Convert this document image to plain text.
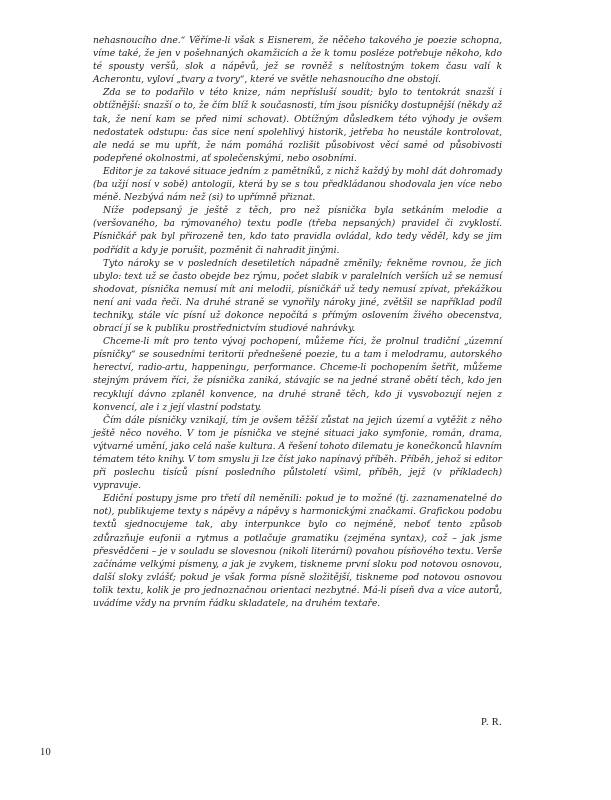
nehasnoucího dne.“ Věříme-li však s Eisnerem, že něčeho takového je poezie schopna, víme také, že jen v pošehnaných okamžicích a že k tomu posléze potřebuje někoho, kdo té spousty veršů, slok a nápěvů, jež se rovněž s nelítostným tokem času valí k Acherontu, vyloví „tvary a tvory“, které ve světle nehasnoucího dne obstojí.

Zda se to podařilo v této knize, nám nepřísluší soudit; bylo to tentokrát snazší i obtížnější: snazší o to, že čím blíž k současnosti, tím jsou písničky dostupnější (někdy až tak, že není kam se před nimi schovat). Obtížným důsledkem této výhody je ovšem nedostatek odstupu: čas sice není spolehlivý historik, jetřeba ho neustále kontrolovat, ale nedá se mu upřít, že nám pomáhá rozlišit působivost věcí samé od působivosti podepřené okolnostmi, ať společenskými, nebo osobními.

Editor je za takové situace jedním z pamětníků, z nichž každý by mohl dát dohromady (ba užjí nosí v sobě) antologii, která by se s tou předkládanou shodovala jen více nebo méně. Nezbývá nám než (si) to upřímně přiznat.

Níže podepsaný je ještě z těch, pro než písnička byla setkáním melodie a (veršovaného, ba rýmovaného) textu podle (třeba nepsaných) pravidel či zvyklostí. Písničkář pak byl přirozeně ten, kdo tato pravidla ovládal, kdo tedy věděl, kdy se jim podřídit a kdy je porušit, pozměnit či nahradit jinými.

Tyto nároky se v posledních desetiletích nápadně změnily; řekněme rovnou, že jich ubylo: text už se často obejde bez rýmu, počet slabik v paralelních verších už se nemusí shodovat, písnička nemusí mít ani melodii, písničkář už tedy nemusí zpívat, překážkou není ani vada řeči. Na druhé straně se vynořily nároky jiné, zvětšil se například podíl techniky, stále víc písní už dokonce nepočítá s přímým oslovením živého obecenstva, obrací jí se k publiku prostřednictvím studiové nahrávky.

Chceme-li mít pro tento vývoj pochopení, můžeme říci, že prolnul tradiční „územní písničky“ se sousedními teritorii přednešené poezie, tu a tam i melodramu, autorského herectví, radio-artu, happeningu, performance. Chceme-li pochopením šetřit, můžeme stejným právem říci, že písnička zaniká, stávajíc se na jedné straně obětí těch, kdo jen recyklují dávno zplaněl konvence, na druhé straně těch, kdo ji vysvobozují nejen z konvencí, ale i z její vlastní podstaty.

Čím dále písničky vznikají, tím je ovšem těžší zůstat na jejich území a vytěžit z něho ještě něco nového. V tom je písnička ve stejné situaci jako symfonie, román, drama, výtvarné umění, jako celá naše kultura. A řešení tohoto dilematu je konečkonců hlavním tématem této knihy. V tom smyslu ji lze číst jako napínavý příběh. Příběh, jehož si editor při poslechu tisíců písní posledního půlstoletí všiml, příběh, jejž (v příkladech) vypravuje.

Ediční postupy jsme pro třetí díl neměnili: pokud je to možné (tj. zaznamenatelné do not), publikujeme texty s nápěvy a nápěvy s harmonickými značkami. Grafickou podobu textů sjednocujeme tak, aby interpunkce bylo co nejméně, neboť tento způsob zdůrazňuje eufonii a rytmus a potlačuje gramatiku (zejména syntax), což – jak jsme přesvědčeni – je v souladu se slovesnou (nikoli literární) povahou písňového textu. Verše začínáme velkými písmeny, a jak je zvykem, tiskneme první sloku pod notovou osnovou, další sloky zvlášť; pokud je však forma písně složitější, tiskneme pod notovou osnovou tolik textu, kolik je pro jednoznačnou orientaci nezbytné. Má-li píseň dva a více autorů, uvádíme vždy na prvním řádku skladatele, na druhém textaře.

P. R.
10
